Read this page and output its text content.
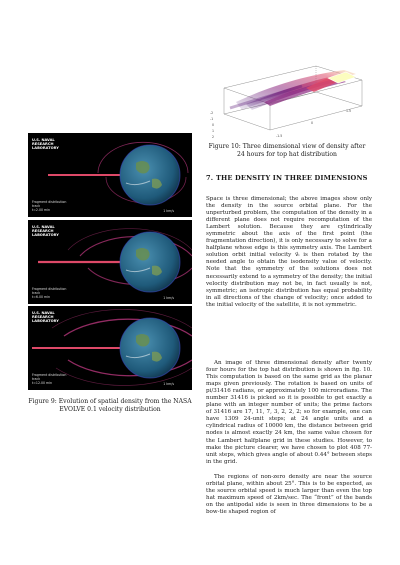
-2
-1
0
1
2	-1.5
0
1.5
Figure 10: Three dimensional view of density after 24 hours for top hat distribution
U.S. NAVAL RESEARCH LABORATORY
Fragment distribution track
t=2.00 min	1 km/s
U.S. NAVAL RESEARCH LABORATORY
Fragment distribution track
t=6.00 min	1 km/s
U.S. NAVAL RESEARCH LABORATORY
Fragment distribution track
t=12.00 min	1 km/s
Figure 9: Evolution of spatial density from the NASA EVOLVE 0.1 velocity distribution
7. THE DENSITY IN THREE DIMENSIONS

Space is three dimensional; the above images show only the density in the source orbital plane. For the unperturbed problem, the computation of the density in a different plane does not require recomputation of the Lambert solution. Because they are cylindrically symmetric about the axis of the first point (the fragmentation direction), it is only necessary to solve for a halfplane whose edge is this symmetry axis. The Lambert solution orbit initial velocity v⃗ᵢ is then rotated by the needed angle to obtain the isodensity value of velocity. Note that the symmetry of the solutions does not necessarily extend to a symmetry of the density; the initial velocity distribution may not be, in fact usually is not, symmetric; an isotropic distribution has equal probability in all directions of the change of velocity; once added to the initial velocity of the satellite, it is not symmetric.

An image of three dimensional density after twenty four hours for the top hat distribution is shown in fig. 10. This computation is based on the same grid as the planar maps given previously. The rotation is based on units of pi/31416 radians, or approximately 100 microradians. The number 31416 is picked so it is possible to get exactly a plane with an integer number of units; the prime factors of 31416 are 17, 11, 7, 3, 2, 2, 2; so for example, one can have 1309 24-unit steps; at 24 angle units and a cylindrical radius of 10000 km, the distance between grid nodes is almost exactly 24 km, the same value chosen for the Lambert halfplane grid in these studies. However, to make the picture clearer, we have chosen to plot 408 77-unit steps, which gives angle of about 0.44° between steps in the grid.

The regions of non-zero density are near the source orbital plane, within about 25°. This is to be expected, as the source orbital speed is much larger than even the top hat maximum speed of 2km/sec. The “front” of the bands on the antipodal side is seen in three dimensions to be a bow-tie shaped region of
